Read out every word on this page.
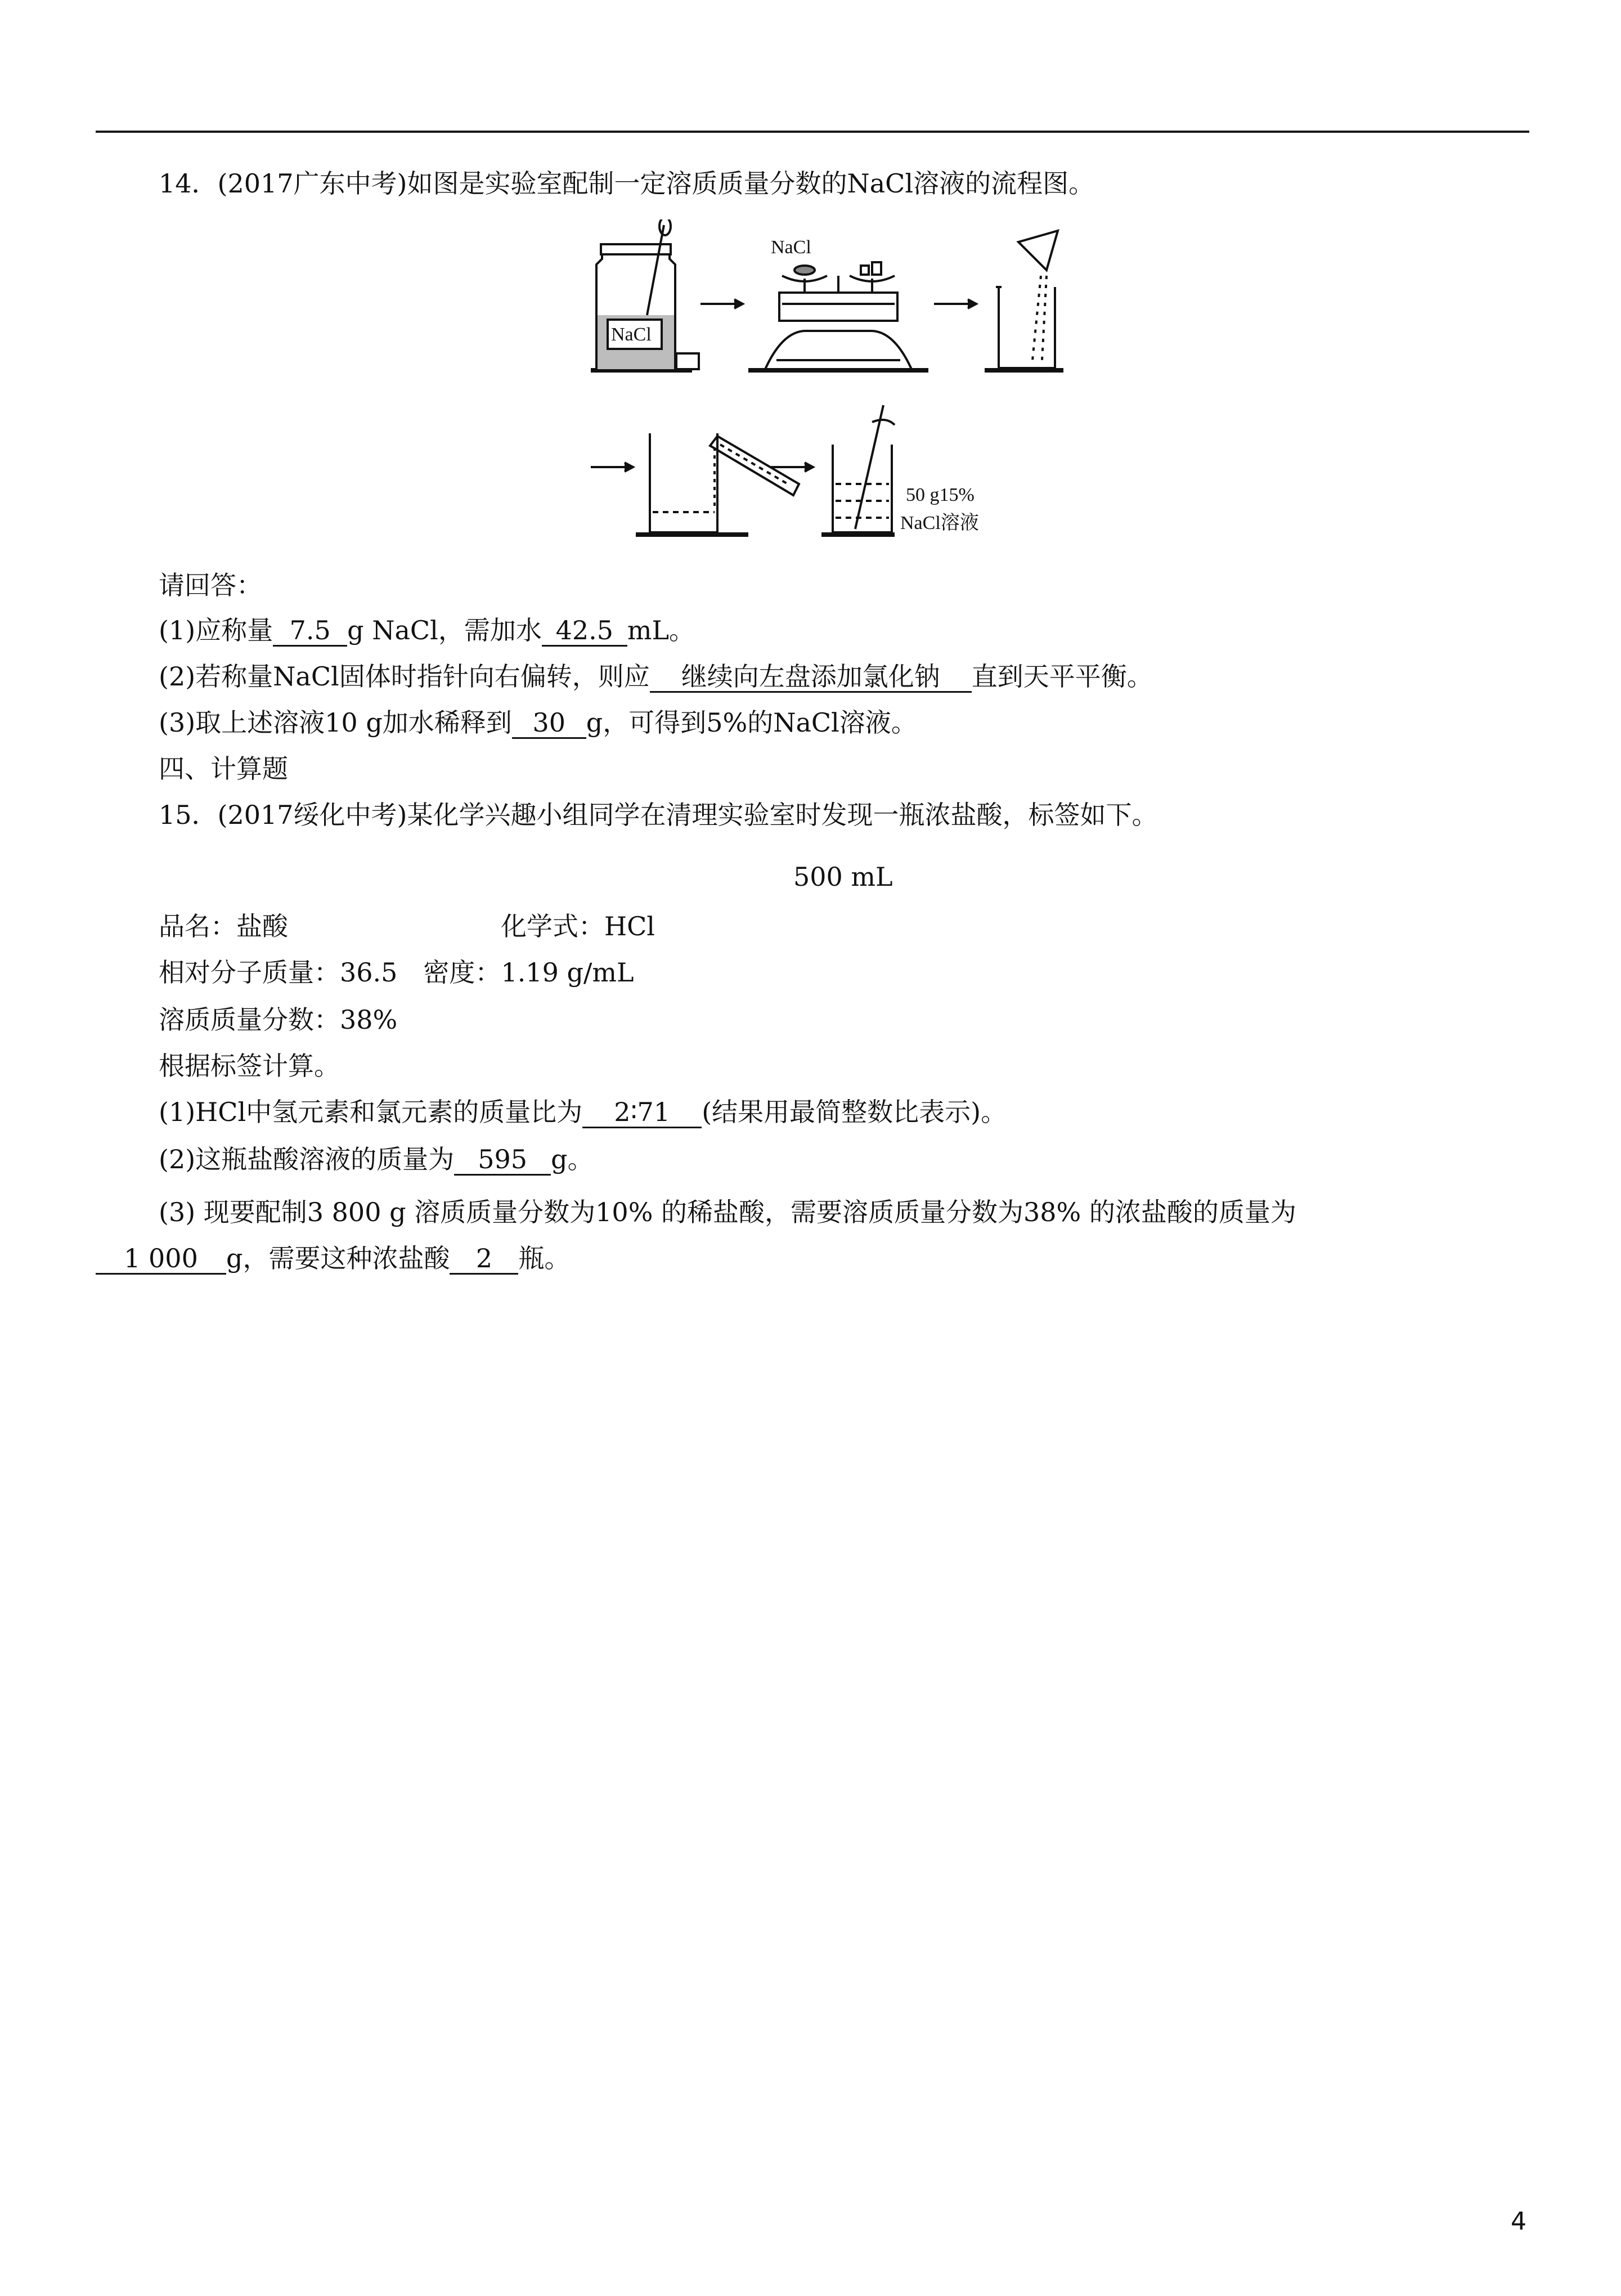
14．(2017广东中考)如图是实验室配制一定溶质质量分数的NaCl溶液的流程图。
NaCl
NaCl
50 g15%
NaCl溶液
请回答：
(1)应称量 7.5 g NaCl，需加水 42.5 mL。
(2)若称量NaCl固体时指针向右偏转，则应 继续向左盘添加氯化钠 直到天平平衡。
(3)取上述溶液10 g加水稀释到 30 g，可得到5%的NaCl溶液。
四、计算题
15．(2017绥化中考)某化学兴趣小组同学在清理实验室时发现一瓶浓盐酸，标签如下。
500 mL
品名：盐酸	化学式：HCl
相对分子质量：36.5　密度：1.19 g/mL
溶质质量分数：38%
根据标签计算。
(1)HCl中氢元素和氯元素的质量比为 2∶71 (结果用最简整数比表示)。
(2)这瓶盐酸溶液的质量为 595 g。
(3) 现要配制3 800 g 溶质质量分数为10% 的稀盐酸，需要溶质质量分数为38% 的浓盐酸的质量为
1 000 g，需要这种浓盐酸 2 瓶。
4
